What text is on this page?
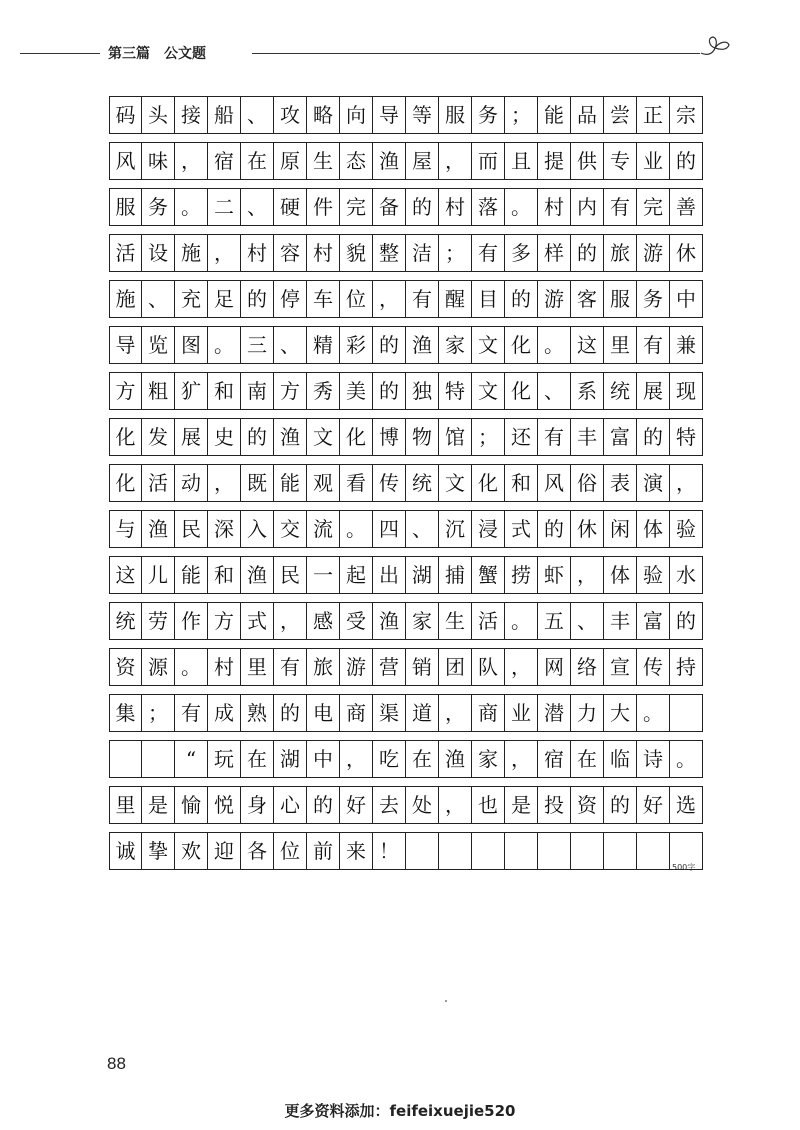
第三篇 公文题
码 头 接 船 、 攻 略 向 导 等 服 务 ； 能 品 尝 正 宗
风 味 ， 宿 在 原 生 态 渔 屋 ， 而 且 提 供 专 业 的
服 务 。 二 、 硬 件 完 备 的 村 落 。 村 内 有 完 善
活 设 施 ， 村 容 村 貌 整 洁 ； 有 多 样 的 旅 游 休
施 、 充 足 的 停 车 位 ， 有 醒 目 的 游 客 服 务 中
导 览 图 。 三 、 精 彩 的 渔 家 文 化 。 这 里 有 兼
方 粗 犷 和 南 方 秀 美 的 独 特 文 化 、 系 统 展 现
化 发 展 史 的 渔 文 化 博 物 馆 ； 还 有 丰 富 的 特
化 活 动 ， 既 能 观 看 传 统 文 化 和 风 俗 表 演 ，
与 渔 民 深 入 交 流 。 四 、 沉 浸 式 的 休 闲 体 验
这 儿 能 和 渔 民 一 起 出 湖 捕 蟹 捞 虾 ， 体 验 水
统 劳 作 方 式 ， 感 受 渔 家 生 活 。 五 、 丰 富 的
资 源 。 村 里 有 旅 游 营 销 团 队 ， 网 络 宣 传 持
集 ； 有 成 熟 的 电 商 渠 道 ， 商 业 潜 力 大 。
“ 玩 在 湖 中 ， 吃 在 渔 家 ， 宿 在 临 诗 。
里 是 愉 悦 身 心 的 好 去 处 ， 也 是 投 资 的 好 选
诚 挚 欢 迎 各 位 前 来 ！
500字
88
更多资料添加：feifeixuejie520
